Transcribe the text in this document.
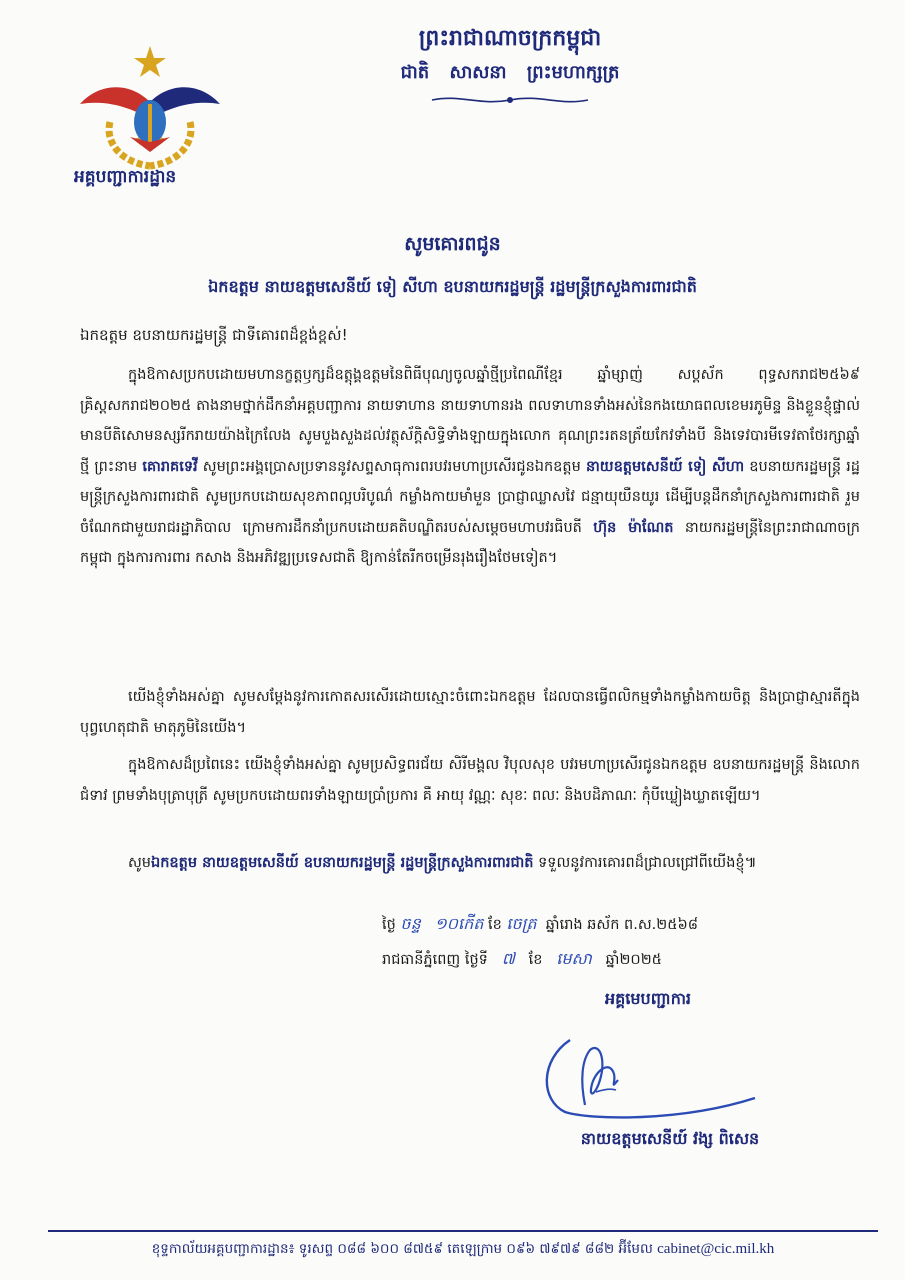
អគ្គបញ្ជាការដ្ឋាន
ព្រះរាជាណាចក្រកម្ពុជា
ជាតិ សាសនា ព្រះមហាក្សត្រ
សូមគោរពជូន
ឯកឧត្តម នាយឧត្តមសេនីយ៍ ទៀ សីហា ឧបនាយករដ្ឋមន្ត្រី រដ្ឋមន្ត្រីក្រសួងការពារជាតិ
ឯកឧត្តម ឧបនាយករដ្ឋមន្ត្រី ជាទីគោរពដ៏ខ្ពង់ខ្ពស់!
ក្នុងឱកាសប្រកបដោយមហានក្ខត្តឫក្សដ៏ឧត្តុង្គឧត្តមនៃពិធីបុណ្យចូលឆ្នាំថ្មីប្រពៃណីខ្មែរ ឆ្នាំម្សាញ់ សប្តស័ក ពុទ្ធសករាជ២៥៦៩ គ្រិស្តសករាជ២០២៥ តាងនាមថ្នាក់ដឹកនាំអគ្គបញ្ជាការ នាយទាហាន នាយទាហានរង ពលទាហានទាំងអស់នៃកងយោធពលខេមរភូមិន្ទ និងខ្លួនខ្ញុំផ្ទាល់ មានបីតិសោមនស្សរីករាយយ៉ាងក្រៃលែង សូមបួងសួងដល់វត្ថុស័ក្តិសិទ្ធិទាំងឡាយក្នុងលោក គុណព្រះរតនត្រ័យកែវទាំងបី និងទេវបារមីទេវតាថែរក្សាឆ្នាំថ្មី ព្រះនាម គោរាគទេវី សូមព្រះអង្គប្រោសប្រទាននូវសព្ទសាធុការពរបវរមហាប្រសើរជូនឯកឧត្តម នាយឧត្តមសេនីយ៍ ទៀ សីហា ឧបនាយករដ្ឋមន្ត្រី រដ្ឋមន្ត្រីក្រសួងការពារជាតិ សូមប្រកបដោយសុខភាពល្អបរិបូណ៌ កម្លាំងកាយមាំមួន ប្រាជ្ញាឈ្លាសវៃ ជន្មាយុយឺនយូរ ដើម្បីបន្តដឹកនាំក្រសួងការពារជាតិ រួមចំណែកជាមួយរាជរដ្ឋាភិបាល ក្រោមការដឹកនាំប្រកបដោយគតិបណ្ឌិតរបស់សម្តេចមហាបវរធិបតី ហ៊ុន ម៉ាណែត នាយករដ្ឋមន្ត្រីនៃព្រះរាជាណាចក្រកម្ពុជា ក្នុងការការពារ កសាង និងអភិវឌ្ឍប្រទេសជាតិ ឱ្យកាន់តែរីកចម្រើនរុងរឿងថែមទៀត។
យើងខ្ញុំទាំងអស់គ្នា សូមសម្តែងនូវការកោតសរសើរដោយស្មោះចំពោះឯកឧត្តម ដែលបានធ្វើពលិកម្មទាំងកម្លាំងកាយចិត្ត និងប្រាជ្ញាស្មារតីក្នុងបុព្វហេតុជាតិ មាតុភូមិនៃយើង។
ក្នុងឱកាសដ៏ប្រពៃនេះ យើងខ្ញុំទាំងអស់គ្នា សូមប្រសិទ្ធពរជ័យ សិរីមង្គល វិបុលសុខ បវរមហាប្រសើរជូនឯកឧត្តម ឧបនាយករដ្ឋមន្ត្រី និងលោកជំទាវ ព្រមទាំងបុត្រាបុត្រី សូមប្រកបដោយពរទាំងឡាយប្រាំប្រការ គឺ អាយុ វណ្ណៈ សុខៈ ពលៈ និងបដិភាណៈ កុំបីឃ្លៀងឃ្លាតឡើយ។
សូមឯកឧត្តម នាយឧត្តមសេនីយ៍ ឧបនាយករដ្ឋមន្ត្រី រដ្ឋមន្ត្រីក្រសួងការពារជាតិ ទទួលនូវការគោរពដ៏ជ្រាលជ្រៅពីយើងខ្ញុំ៕
ថ្ងៃ ចន្ទ ១០កើត ខែ ចេត្រ ឆ្នាំរោង ឆស័ក ព.ស.២៥៦៨
រាជធានីភ្នំពេញ ថ្ងៃទី ៧ ខែ មេសា ឆ្នាំ២០២៥
អគ្គមេបញ្ជាការ
នាយឧត្តមសេនីយ៍ វង្ស ពិសេន
ខុទ្ទកាល័យអគ្គបញ្ជាការដ្ឋាន៖ ទូរសព្ទ ០៨៨ ៦០០ ៨៧៥៩ តេឡេក្រាម ០៩៦ ៧៩៧៩ ៨៨២ អ៊ីមែល cabinet@cic.mil.kh
